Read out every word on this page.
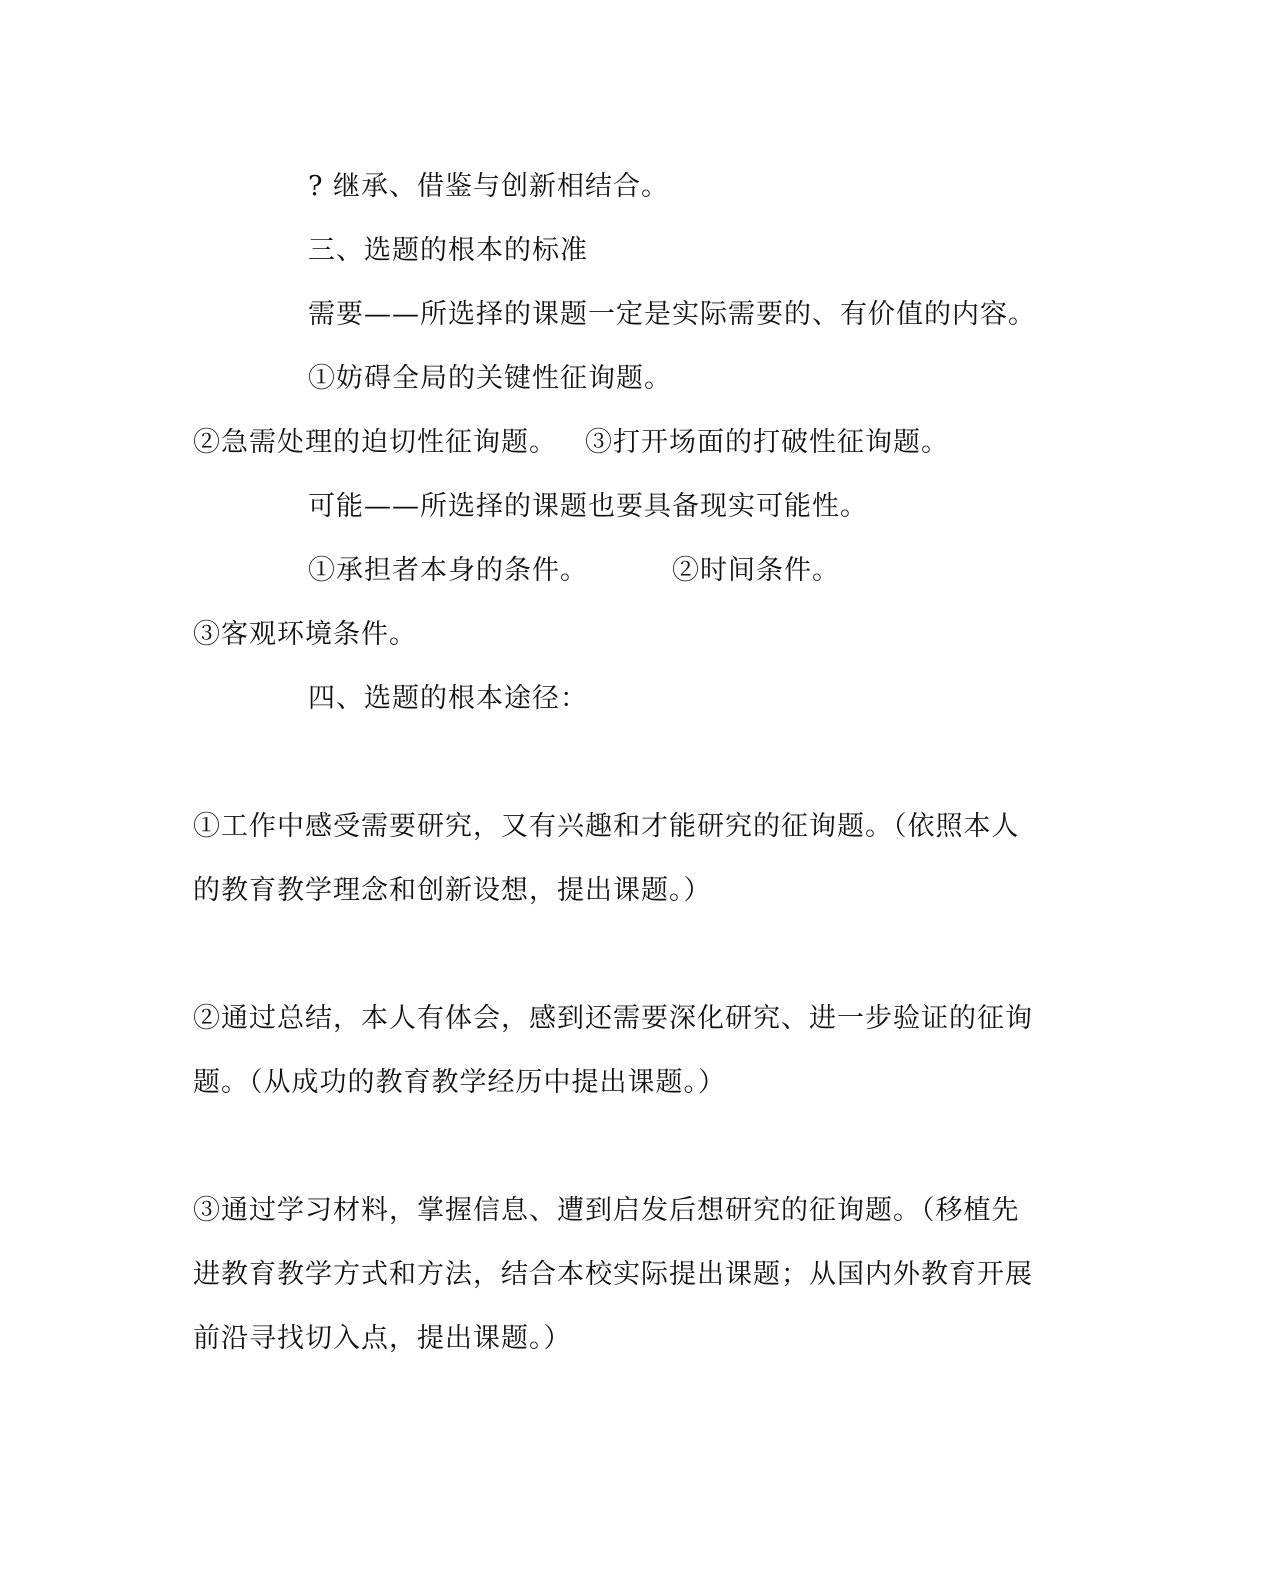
? 继承、借鉴与创新相结合。
三、选题的根本的标准
需要——所选择的课题一定是实际需要的、有价值的内容。
①妨碍全局的关键性征询题。
②急需处理的迫切性征询题。 ③打开场面的打破性征询题。
可能——所选择的课题也要具备现实可能性。
①承担者本身的条件。	②时间条件。
③客观环境条件。
四、选题的根本途径：
①工作中感受需要研究，又有兴趣和才能研究的征询题。（依照本人
的教育教学理念和创新设想，提出课题。）
②通过总结，本人有体会，感到还需要深化研究、进一步验证的征询
题。（从成功的教育教学经历中提出课题。）
③通过学习材料，掌握信息、遭到启发后想研究的征询题。（移植先
进教育教学方式和方法，结合本校实际提出课题；从国内外教育开展
前沿寻找切入点，提出课题。）
